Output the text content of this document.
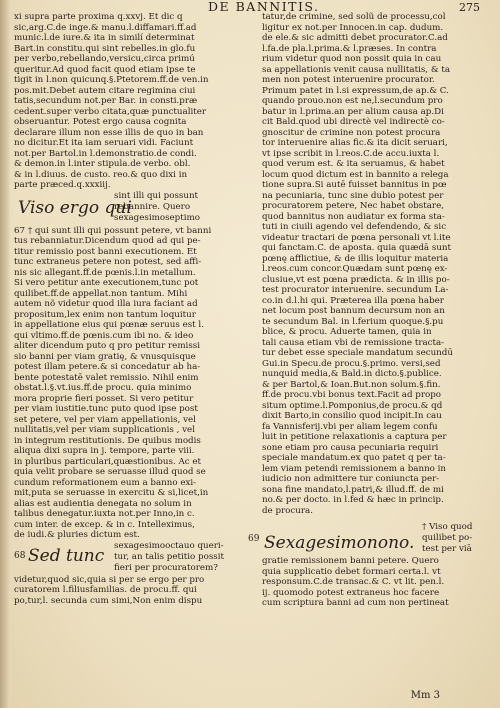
DE BANNITIS.	275
xi supra parte proxima q.xxvj. Et dic q
sic,arg.C.de inge.& manu.l.diffamari.ff.ad
munic.l.de iure.& ita in similí determinat
Bart.in constitu.qui sint rebelles.in glo.fu
per verbo,rebellando,versicu,circa primú
queritur.Ad quod facit quod etiam ipse te
tigit in l.non quicunq.§.Ptetorem.ff.de ven.in
pos.mit.Debet autem citare regimina ciui
tatis,secundum not.per Bar. in consti.præ
cedent.super verbo citata,quæ punctualiter
obseruantur. Potest ergo causa cognita
declarare illum non esse illis de quo in ban
no dicitur.Et ita iam seruari vidi. Faciunt
not.per Bartol.in l.demonstratio.de condi.
& demon.in l.inter stipula.de verbo. obl.
& in l.diuus. de custo. reo.& quo dixi in
parte præced.q.xxxiij.
sint illi qui possunt
Viso ergo qui
rebannire. Quero
sexagesimoseptimo
67 † qui sunt illi qui possunt petere, vt banni
tus rebanniatur.Dicendum quod ad qui pe-
titur remissio post banni executionem. Et
tunc extraneus petere non potest, sed affi-
nis sic allegant.ff.de pœnis.l.in metallum.
Si vero petitur ante executionem,tunc pot
quilibet.ff.de appellat.non tantum. Mihi
autem nõ videtur quod illa iura faciant ad
propositum,lex enim non tantum loquitur
in appellatione eius qui pœnæ seruus est l.
qui vltimo.ff.de pœnis.cum ibi no. & ideo
aliter dicendum puto q pro petitur remissi
sio banni per viam gratię, & vnusquisque
potest illam petere.& si concedatur ab ha-
bente potestatē valet remissio. Nihil enim
obstat.l.§.vt.ius.ff.de procu. quia minimo
mora proprie fieri posset. Si vero petitur
per viam iustitie.tunc puto quod ipse post
set petere, vel per viam appellationis, vel
nullitatis,vel per viam supplicationis , vel
in integrum restitutionis. De quibus modis
aliqua dixi supra in j. tempore, parte viii.
in pluribus particulari,quæstionibus. Ac et
quia velit probare se seruasse illud quod se
cundum reformationem eum a banno exi-
mit,puta se seruasse in exercitu & si,licet,in
alias est audientia denegata no solum in
talibus denegatur.iuxta not.per Inno,in c.
cum inter. de excep. & in c. Intelleximus,
de iudi.& pluries dictum est.
68 Sed tunc sexagesimooctauo queri-
tur, an talis petitio possit
fieri per procuratorem?
videtur,quod sic,quia si per se ergo per pro
curatorem l.filiusfamilias. de procu.ff. qui
po,tur,l. secunda cum simi,Non enim dispu
tatur,de crimine, sed solũ de processu,col
ligitur ex not.per Innocen.in cap. dudum.
de ele.& sic admitti debet procurator.C.ad
l.fa.de pla.l.prima.& l.præses. In contra
rium videtur quod non possit quia in cau
sa appellationis venit causa nullitatis, & ta
men non potest interuenire procurator.
Primum patet in l.si expressum,de ap.& C.
quando prouo.non est ne,l.secundum pro
batur in l.prima.an per alium causa ap.Di
cit Bald.quod ubi directè vel indirectè co-
gnoscitur de crimine non potest procura
tor interuenire alias fic.& ita dicit seruari,
vt ipse scribit in l.reos.C.de accu.iuxta l.
quod verum est. & ita seruamus, & habet
locum quod dictum est in bannito a relega
tione supra.Si autē fuisset bannitus in pœ
na pecuniaria, tunc sine dubio potest per
procuratorem petere, Nec habet obstare,
quod bannitus non audiatur ex forma sta-
tuti in ciuili agendo vel defendendo, & sic
videatur tractari de pœna personali vt l.ite
qui fanctam.C. de aposta. quia quædā sunt
pœnę afflictiue, & de illis loquitur materia
l.reos.cum concor.Quædam sunt pœnę ex-
clusiue,vt est pœna prædicta. & in illis po-
test procurator interuenire. secundum La-
co.in d.l.hi qui. Præterea illa pœna haber
net locum post bannum decursum non an
te secundum Bal. in l.ferium quoque.§.pu
blice, & procu. Aduerte tamen, quia in
tali causa etiam vbi de remissione tracta-
tur debet esse speciale mandatum secundū
Gui.in Specu.de procu.§.primo. versi,sed
nunquid media,& Bald.in dicto.§.publice.
& per Bartol,& Ioan.But.non solum.§.fin.
ff.de procu.vbi bonus text.Facit ad propo
situm optime.l.Pomponius,de procu.& qd
dixit Barto,in consilio quod incipit.In cau
fa Vannisferij.vbi per aliam legem confu
luit in petitione relaxationis a captura per
sone etiam pro causa pecuniaria requiri
speciale mandatum.ex quo patet q per ta-
lem viam petendi remissionem a banno in
iudicio non admittere tur coniuncta per-
sona fine mandato,l.patri,& illud.ff. de mi
no.& per docto. in l.fed & hæc in princip.
de procura.
69 Sexagesimonono.
† Viso quod
quilibet po-
test per viā
gratie remissionem banni petere. Quero
quia supplicatio debet formari certa.l. vt
responsum.C.de transac.& C. vt lit. pen.l.
ij. quomodo potest extraneus hoc facere
cum scriptura banni ad cum non pertineat
Mm 3
